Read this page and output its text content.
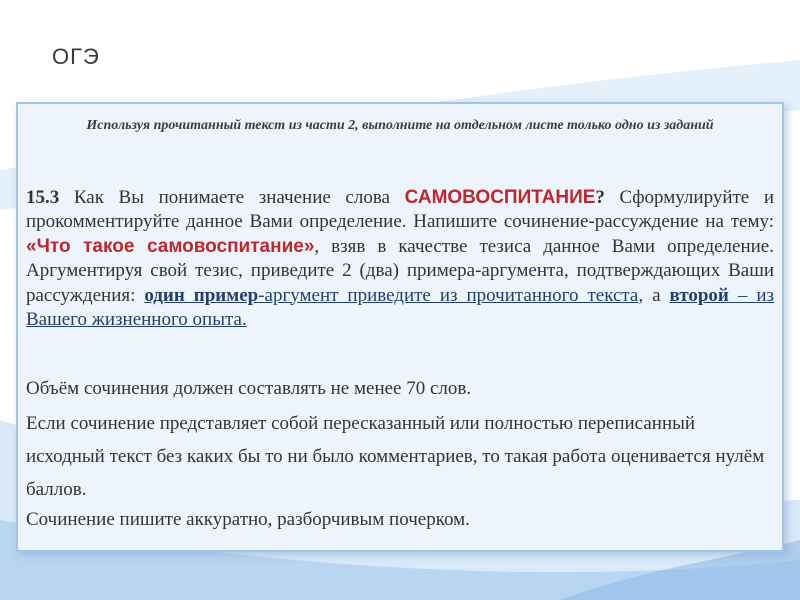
ОГЭ
Используя прочитанный текст из части 2, выполните на отдельном листе только одно из заданий
15.3 Как Вы понимаете значение слова САМОВОСПИТАНИЕ? Сформулируйте и прокомментируйте данное Вами определение. Напишите сочинение-рассуждение на тему: «Что такое самовоспитание», взяв в качестве тезиса данное Вами определение. Аргументируя свой тезис, приведите 2 (два) примера-аргумента, подтверждающих Ваши рассуждения: один пример-аргумент приведите из прочитанного текста, а второй – из Вашего жизненного опыта.
Объём сочинения должен составлять не менее 70 слов.
Если сочинение представляет собой пересказанный или полностью переписанный исходный текст без каких бы то ни было комментариев, то такая работа оценивается нулём баллов.
Сочинение пишите аккуратно, разборчивым почерком.
